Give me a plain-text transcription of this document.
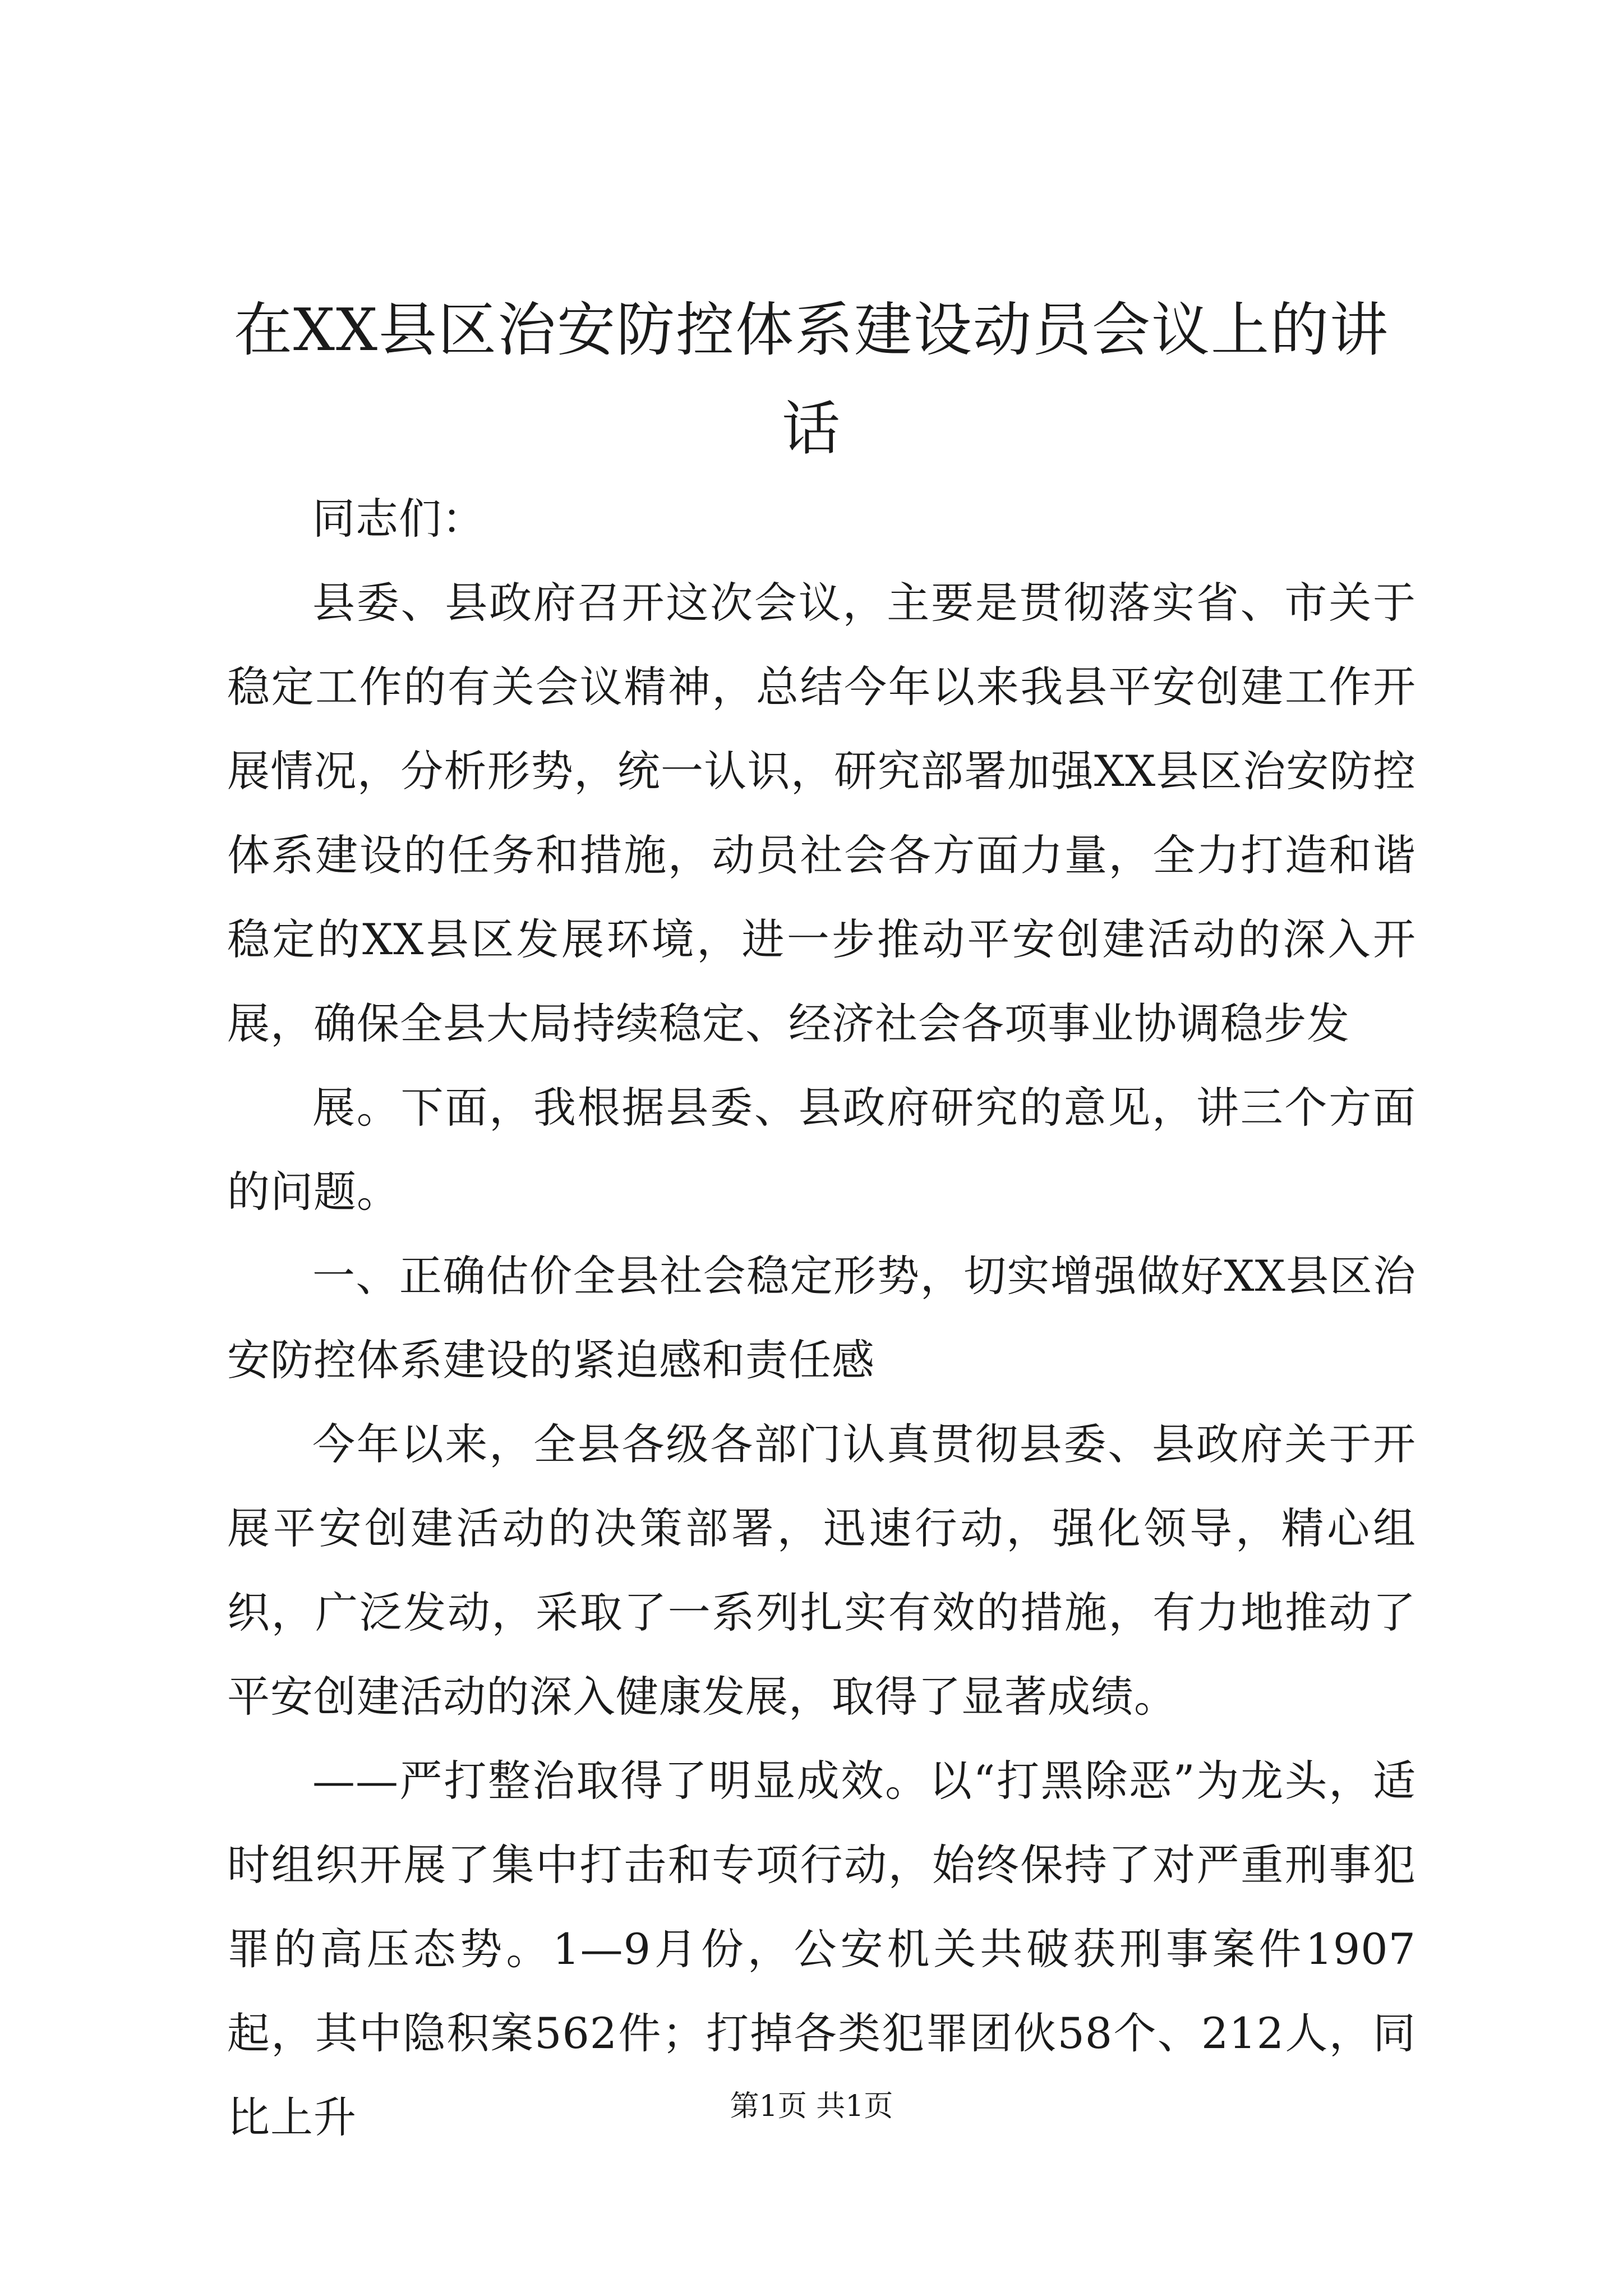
在XX县区治安防控体系建设动员会议上的讲话

同志们：

县委、县政府召开这次会议，主要是贯彻落实省、市关于稳定工作的有关会议精神，总结今年以来我县平安创建工作开展情况，分析形势，统一认识，研究部署加强XX县区治安防控体系建设的任务和措施，动员社会各方面力量，全力打造和谐稳定的XX县区发展环境，进一步推动平安创建活动的深入开展，确保全县大局持续稳定、经济社会各项事业协调稳步发

展。下面，我根据县委、县政府研究的意见，讲三个方面的问题。

一、正确估价全县社会稳定形势，切实增强做好XX县区治安防控体系建设的紧迫感和责任感

今年以来，全县各级各部门认真贯彻县委、县政府关于开展平安创建活动的决策部署，迅速行动，强化领导，精心组织，广泛发动，采取了一系列扎实有效的措施，有力地推动了平安创建活动的深入健康发展，取得了显著成绩。

——严打整治取得了明显成效。以“打黑除恶”为龙头，适时组织开展了集中打击和专项行动，始终保持了对严重刑事犯罪的高压态势。1—9月份，公安机关共破获刑事案件1907起，其中隐积案562件；打掉各类犯罪团伙58个、212人，同比上升	第1页 共1页
